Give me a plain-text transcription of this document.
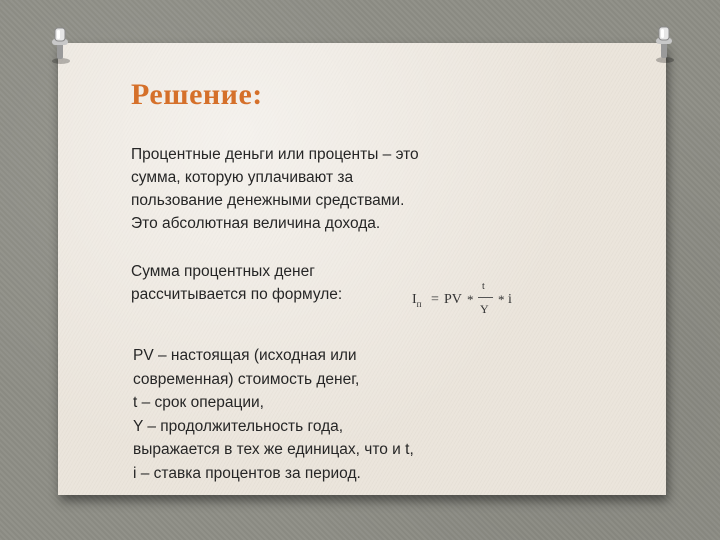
Решение:
Процентные деньги или проценты – это
сумма, которую уплачивают за
пользование денежными средствами.
Это абсолютная величина дохода.
Сумма процентных денег
рассчитывается по формуле:	$I_п$ = PV *
t
Y
* i
PV – настоящая (исходная или
современная) стоимость денег,
t – срок операции,
Y – продолжительность года,
выражается в тех же единицах, что и t,
i – ставка процентов за период.
